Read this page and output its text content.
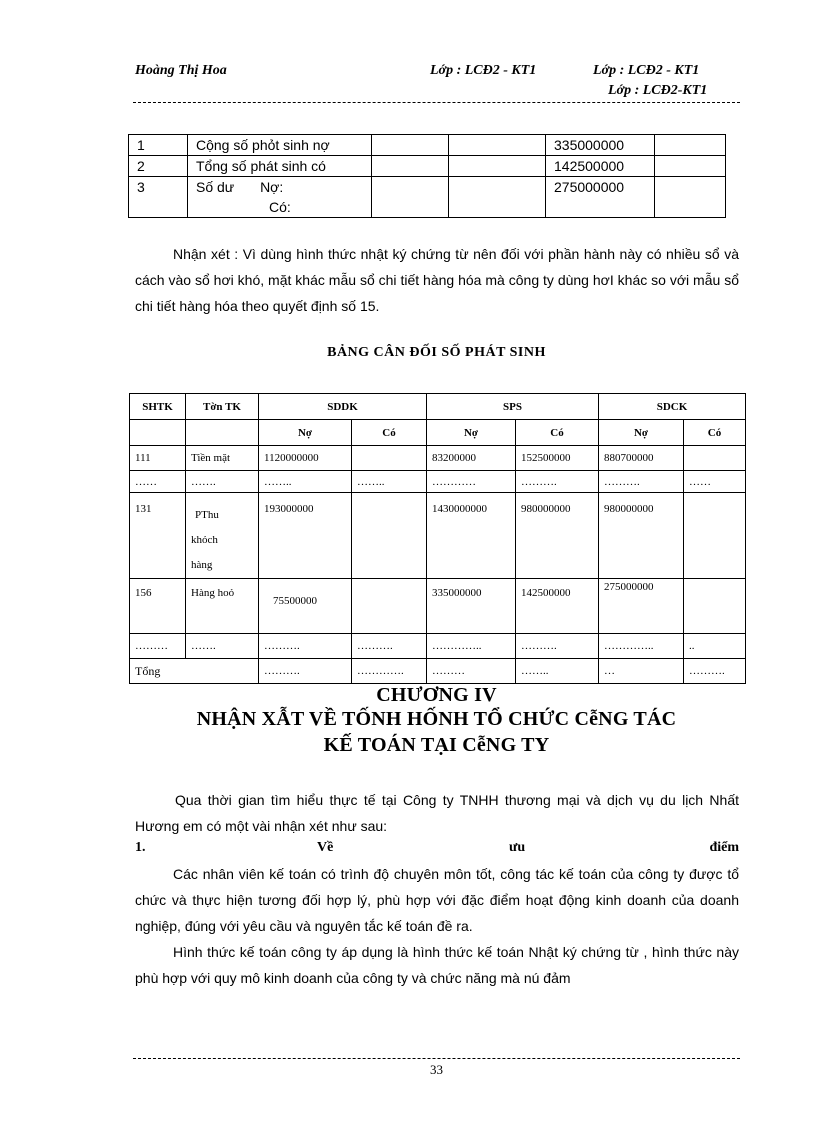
Hoàng Thị Hoa	Lớp : LCĐ2 - KT1	Lớp : LCĐ2 - KT1
Lớp : LCĐ2-KT1
1	Cộng số phỏt sinh nợ			335000000	
2	Tổng số phát sinh có			142500000	
3	Số dư Nợ:
Có:			275000000	
Nhận xét : Vì dùng hình thức nhật ký chứng từ nên đối với phần hành này có nhiều sổ và cách vào sổ hơi khó, mặt khác mẫu sổ chi tiết hàng hóa mà công ty dùng hơI khác so với mẫu sổ chi tiết hàng hóa theo quyết định số 15.
BẢNG CÂN ĐỐI SỐ PHÁT SINH
SHTK	Tờn TK	SDDK		SPS		SDCK	
		Nợ	Có	Nợ	Có	Nợ	Có
111	Tiền mặt	1120000000		83200000	152500000	880700000	
……	…….	……..	……..	…………	……….	……….	……
131	PThu
khỏch
hàng	193000000		1430000000	980000000	980000000	
156	Hàng hoỏ	75500000		335000000	142500000	275000000	
………	…….	……….	……….	…………..	……….	…………..	..
Tổng		……….	………….	………	……..	…	……….
CHƯƠNG IV
NHẬN XẪT VỀ TỐNH HỐNH TỔ CHỨC CễNG TÁC
KẾ TOÁN TẠI CễNG TY
Qua thời gian tìm hiểu thực tế tại Công ty TNHH thương mại và dịch vụ du lịch Nhất Hương em có một vài nhận xét như sau:
1.	Về	ưu	điểm
Các nhân viên kế toán có trình độ chuyên môn tốt, công tác kế toán của công ty được tổ chức và thực hiện tương đối hợp lý, phù hợp với đặc điểm hoạt động kinh doanh của doanh nghiệp, đúng với yêu cầu và nguyên tắc kế toán đề ra.
Hình thức kế toán công ty áp dụng là hình thức kế toán Nhật ký chứng từ , hình thức này phù hợp với quy mô kinh doanh của công ty và chức năng mà nú đảm
33
